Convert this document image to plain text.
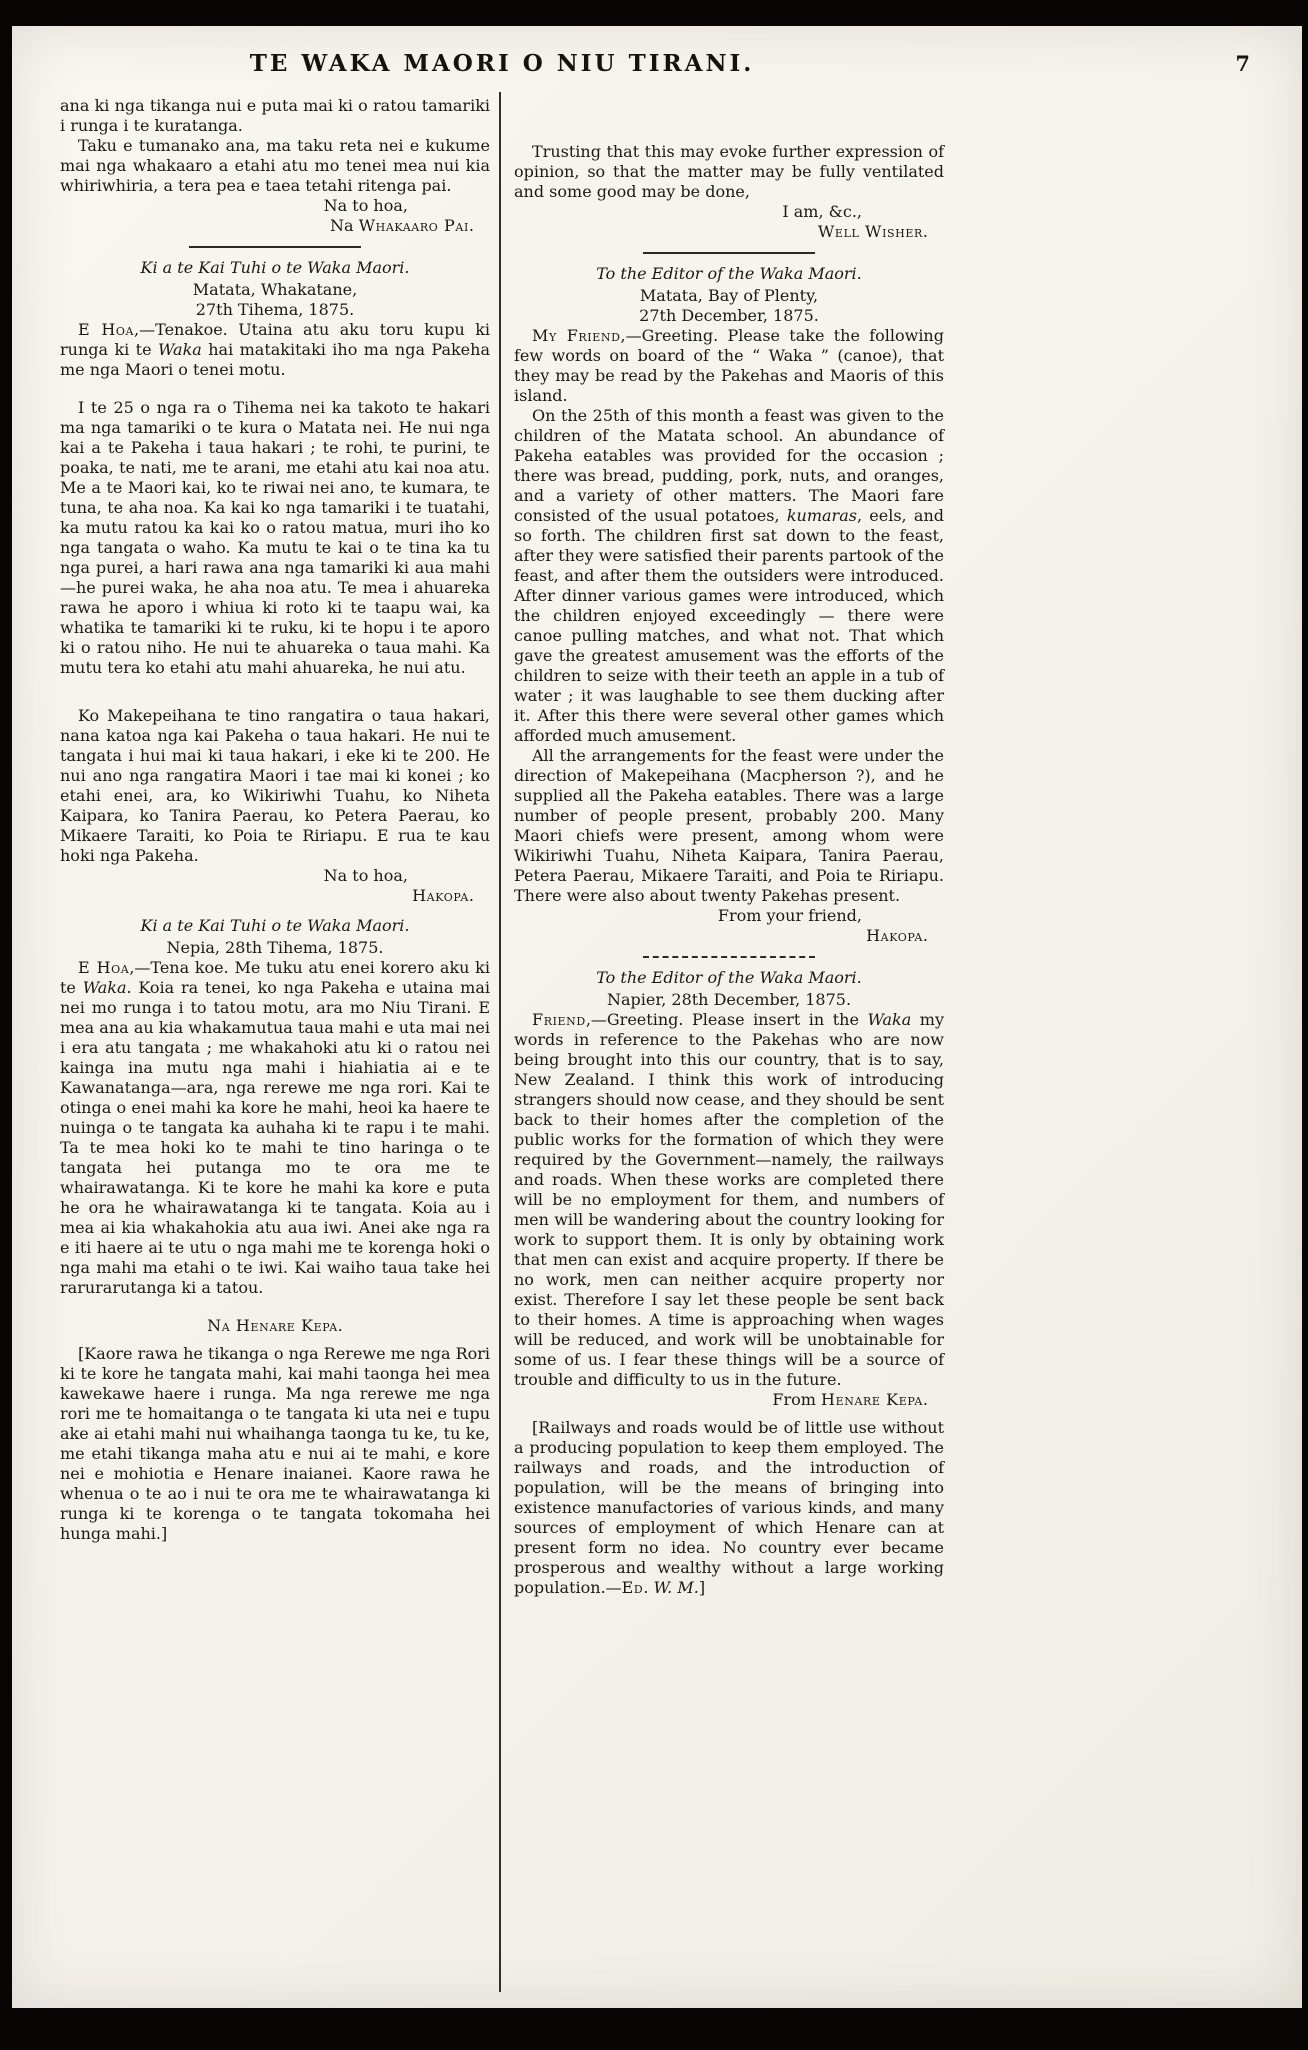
TE WAKA MAORI O NIU TIRANI.	7

ana ki nga tikanga nui e puta mai ki o ratou tamariki i runga i te kuratanga.

Taku e tumanako ana, ma taku reta nei e kukume mai nga whakaaro a etahi atu mo tenei mea nui kia whiriwhiria, a tera pea e taea tetahi ritenga pai.

Na to hoa,
Na Whakaaro Pai.
Ki a te Kai Tuhi o te Waka Maori.
Matata, Whakatane,
27th Tihema, 1875.

E Hoa,—Tenakoe. Utaina atu aku toru kupu ki runga ki te Waka hai matakitaki iho ma nga Pakeha me nga Maori o tenei motu.

I te 25 o nga ra o Tihema nei ka takoto te hakari ma nga tamariki o te kura o Matata nei. He nui nga kai a te Pakeha i taua hakari ; te rohi, te purini, te poaka, te nati, me te arani, me etahi atu kai noa atu. Me a te Maori kai, ko te riwai nei ano, te kumara, te tuna, te aha noa. Ka kai ko nga tamariki i te tuatahi, ka mutu ratou ka kai ko o ratou matua, muri iho ko nga tangata o waho. Ka mutu te kai o te tina ka tu nga purei, a hari rawa ana nga tamariki ki aua mahi—he purei waka, he aha noa atu. Te mea i ahuareka rawa he aporo i whiua ki roto ki te taapu wai, ka whatika te tamariki ki te ruku, ki te hopu i te aporo ki o ratou niho. He nui te ahuareka o taua mahi. Ka mutu tera ko etahi atu mahi ahuareka, he nui atu.

Ko Makepeihana te tino rangatira o taua hakari, nana katoa nga kai Pakeha o taua hakari. He nui te tangata i hui mai ki taua hakari, i eke ki te 200. He nui ano nga rangatira Maori i tae mai ki konei ; ko etahi enei, ara, ko Wikiriwhi Tuahu, ko Niheta Kaipara, ko Tanira Paerau, ko Petera Paerau, ko Mikaere Taraiti, ko Poia te Ririapu. E rua te kau hoki nga Pakeha.

Na to hoa,
Hakopa.
Ki a te Kai Tuhi o te Waka Maori.
Nepia, 28th Tihema, 1875.

E Hoa,—Tena koe. Me tuku atu enei korero aku ki te Waka. Koia ra tenei, ko nga Pakeha e utaina mai nei mo runga i to tatou motu, ara mo Niu Tirani. E mea ana au kia whakamutua taua mahi e uta mai nei i era atu tangata ; me whakahoki atu ki o ratou nei kainga ina mutu nga mahi i hiahiatia ai e te Kawanatanga—ara, nga rerewe me nga rori. Kai te otinga o enei mahi ka kore he mahi, heoi ka haere te nuinga o te tangata ka auhaha ki te rapu i te mahi. Ta te mea hoki ko te mahi te tino haringa o te tangata hei putanga mo te ora me te whairawatanga. Ki te kore he mahi ka kore e puta he ora he whairawatanga ki te tangata. Koia au i mea ai kia whakahokia atu aua iwi. Anei ake nga ra e iti haere ai te utu o nga mahi me te korenga hoki o nga mahi ma etahi o te iwi. Kai waiho taua take hei rarurarutanga ki a tatou.

Na Henare Kepa.

[Kaore rawa he tikanga o nga Rerewe me nga Rori ki te kore he tangata mahi, kai mahi taonga hei mea kawekawe haere i runga. Ma nga rerewe me nga rori me te homaitanga o te tangata ki uta nei e tupu ake ai etahi mahi nui whaihanga taonga tu ke, tu ke, me etahi tikanga maha atu e nui ai te mahi, e kore nei e mohiotia e Henare inaianei. Kaore rawa he whenua o te ao i nui te ora me te whairawatanga ki runga ki te korenga o te tangata tokomaha hei hunga mahi.]

Trusting that this may evoke further expression of opinion, so that the matter may be fully ventilated and some good may be done,

I am, &c.,
Well Wisher.
To the Editor of the Waka Maori.
Matata, Bay of Plenty,
27th December, 1875.

My Friend,—Greeting. Please take the following few words on board of the “ Waka ” (canoe), that they may be read by the Pakehas and Maoris of this island.

On the 25th of this month a feast was given to the children of the Matata school. An abundance of Pakeha eatables was provided for the occasion ; there was bread, pudding, pork, nuts, and oranges, and a variety of other matters. The Maori fare consisted of the usual potatoes, kumaras, eels, and so forth. The children first sat down to the feast, after they were satisfied their parents partook of the feast, and after them the outsiders were introduced. After dinner various games were introduced, which the children enjoyed exceedingly — there were canoe pulling matches, and what not. That which gave the greatest amusement was the efforts of the children to seize with their teeth an apple in a tub of water ; it was laughable to see them ducking after it. After this there were several other games which afforded much amusement.

All the arrangements for the feast were under the direction of Makepeihana (Macpherson ?), and he supplied all the Pakeha eatables. There was a large number of people present, probably 200. Many Maori chiefs were present, among whom were Wikiriwhi Tuahu, Niheta Kaipara, Tanira Paerau, Petera Paerau, Mikaere Taraiti, and Poia te Ririapu. There were also about twenty Pakehas present.

From your friend,
Hakopa.
To the Editor of the Waka Maori.
Napier, 28th December, 1875.

Friend,—Greeting. Please insert in the Waka my words in reference to the Pakehas who are now being brought into this our country, that is to say, New Zealand. I think this work of introducing strangers should now cease, and they should be sent back to their homes after the completion of the public works for the formation of which they were required by the Government—namely, the railways and roads. When these works are completed there will be no employment for them, and numbers of men will be wandering about the country looking for work to support them. It is only by obtaining work that men can exist and acquire property. If there be no work, men can neither acquire property nor exist. Therefore I say let these people be sent back to their homes. A time is approaching when wages will be reduced, and work will be unobtainable for some of us. I fear these things will be a source of trouble and difficulty to us in the future.

From Henare Kepa.

[Railways and roads would be of little use without a producing population to keep them employed. The railways and roads, and the introduction of population, will be the means of bringing into existence manufactories of various kinds, and many sources of employment of which Henare can at present form no idea. No country ever became prosperous and wealthy without a large working population.—Ed. W. M.]
